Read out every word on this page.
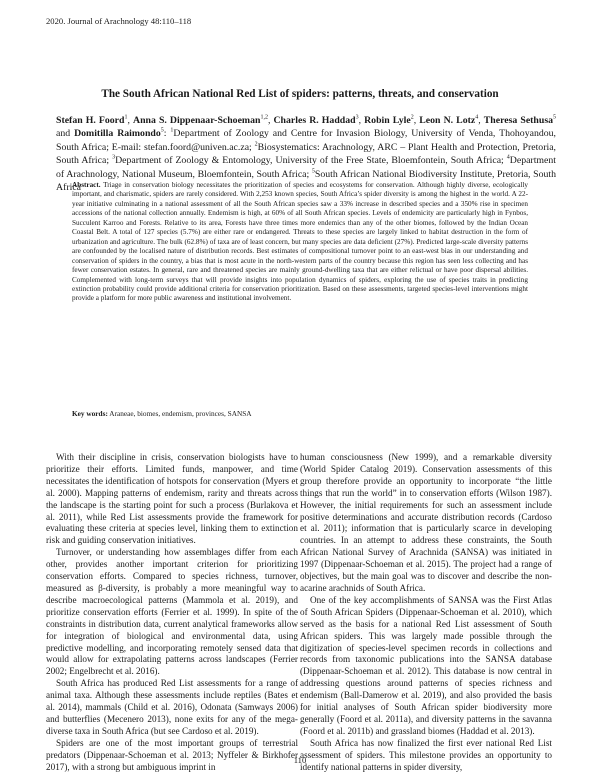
2020. Journal of Arachnology 48:110–118
The South African National Red List of spiders: patterns, threats, and conservation
Stefan H. Foord$^1$, Anna S. Dippenaar-Schoeman$^{1,2}$, Charles R. Haddad$^3$, Robin Lyle$^2$, Leon N. Lotz$^4$, Theresa Sethusa$^5$ and Domitilla Raimondo$^5$: $^1$Department of Zoology and Centre for Invasion Biology, University of Venda, Thohoyandou, South Africa; E-mail: stefan.foord@univen.ac.za; $^2$Biosystematics: Arachnology, ARC – Plant Health and Protection, Pretoria, South Africa; $^3$Department of Zoology & Entomology, University of the Free State, Bloemfontein, South Africa; $^4$Department of Arachnology, National Museum, Bloemfontein, South Africa; $^5$South African National Biodiversity Institute, Pretoria, South Africa
Abstract. Triage in conservation biology necessitates the prioritization of species and ecosystems for conservation. Although highly diverse, ecologically important, and charismatic, spiders are rarely considered. With 2,253 known species, South Africa’s spider diversity is among the highest in the world. A 22-year initiative culminating in a national assessment of all the South African species saw a 33% increase in described species and a 350% rise in specimen accessions of the national collection annually. Endemism is high, at 60% of all South African species. Levels of endemicity are particularly high in Fynbos, Succulent Karroo and Forests. Relative to its area, Forests have three times more endemics than any of the other biomes, followed by the Indian Ocean Coastal Belt. A total of 127 species (5.7%) are either rare or endangered. Threats to these species are largely linked to habitat destruction in the form of urbanization and agriculture. The bulk (62.8%) of taxa are of least concern, but many species are data deficient (27%). Predicted large-scale diversity patterns are confounded by the localised nature of distribution records. Best estimates of compositional turnover point to an east-west bias in our understanding and conservation of spiders in the country, a bias that is most acute in the north-western parts of the country because this region has seen less collecting and has fewer conservation estates. In general, rare and threatened species are mainly ground-dwelling taxa that are either relictual or have poor dispersal abilities. Complemented with long-term surveys that will provide insights into population dynamics of spiders, exploring the use of species traits in predicting extinction probability could provide additional criteria for conservation prioritization. Based on these assessments, targeted species-level interventions might provide a platform for more public awareness and institutional involvement.
Key words: Araneae, biomes, endemism, provinces, SANSA

With their discipline in crisis, conservation biologists have to prioritize their efforts. Limited funds, manpower, and time necessitates the identification of hotspots for conservation (Myers et al. 2000). Mapping patterns of endemism, rarity and threats across the landscape is the starting point for such a process (Burlakova et al. 2011), while Red List assessments provide the framework for evaluating these criteria at species level, linking them to extinction risk and guiding conservation initiatives.

Turnover, or understanding how assemblages differ from each other, provides another important criterion for prioritizing conservation efforts. Compared to species richness, turnover, measured as β-diversity, is probably a more meaningful way to describe macroecological patterns (Mammola et al. 2019), and prioritize conservation efforts (Ferrier et al. 1999). In spite of the constraints in distribution data, current analytical frameworks allow for integration of biological and environmental data, using predictive modelling, and incorporating remotely sensed data that would allow for extrapolating patterns across landscapes (Ferrier 2002; Engelbrecht et al. 2016).

South Africa has produced Red List assessments for a range of animal taxa. Although these assessments include reptiles (Bates et al. 2014), mammals (Child et al. 2016), Odonata (Samways 2006) and butterflies (Mecenero 2013), none exits for any of the mega-diverse taxa in South Africa (but see Cardoso et al. 2019).

Spiders are one of the most important groups of terrestrial predators (Dippenaar-Schoeman et al. 2013; Nyffeler & Birkhofer 2017), with a strong but ambiguous imprint in

human consciousness (New 1999), and a remarkable diversity (World Spider Catalog 2019). Conservation assessments of this group therefore provide an opportunity to incorporate “the little things that run the world” in to conservation efforts (Wilson 1987). However, the initial requirements for such an assessment include positive determinations and accurate distribution records (Cardoso et al. 2011); information that is particularly scarce in developing countries. In an attempt to address these constraints, the South African National Survey of Arachnida (SANSA) was initiated in 1997 (Dippenaar-Schoeman et al. 2015). The project had a range of objectives, but the main goal was to discover and describe the non-acarine arachnids of South Africa.

One of the key accomplishments of SANSA was the First Atlas of South African Spiders (Dippenaar-Schoeman et al. 2010), which served as the basis for a national Red List assessment of South African spiders. This was largely made possible through the digitization of species-level specimen records in collections and records from taxonomic publications into the SANSA database (Dippenaar-Schoeman et al. 2012). This database is now central in addressing questions around patterns of species richness and endemism (Ball-Damerow et al. 2019), and also provided the basis for initial analyses of South African spider biodiversity more generally (Foord et al. 2011a), and diversity patterns in the savanna (Foord et al. 2011b) and grassland biomes (Haddad et al. 2013).

South Africa has now finalized the first ever national Red List assessment of spiders. This milestone provides an opportunity to identify national patterns in spider diversity,

110
